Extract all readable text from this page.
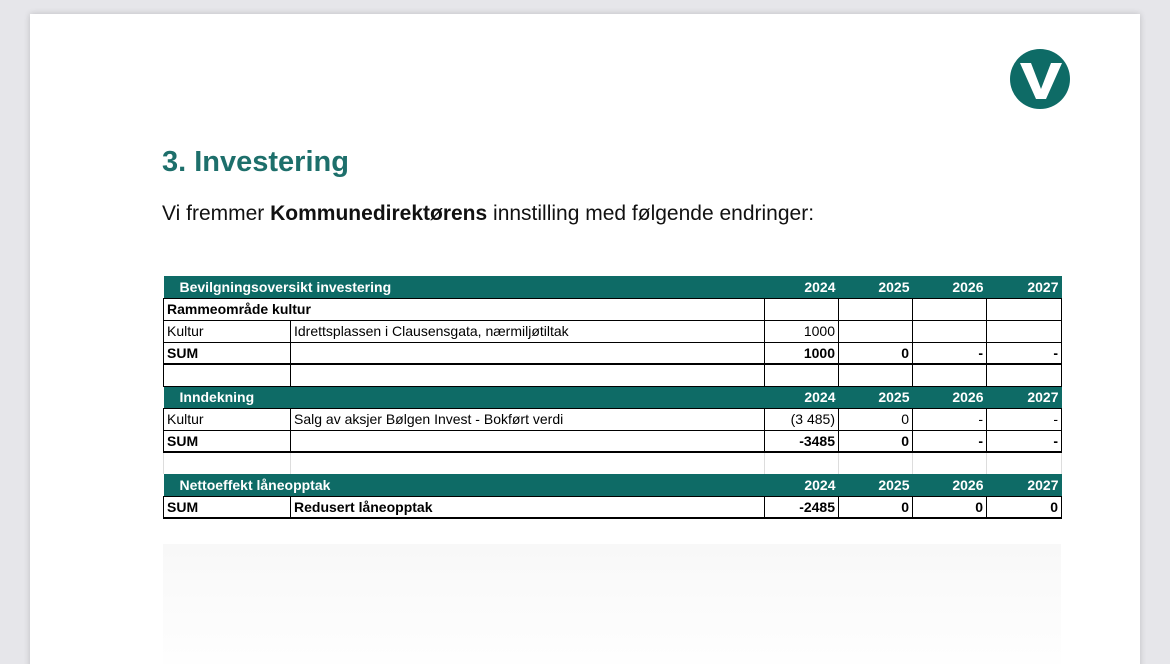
3. Investering
Vi fremmer Kommunedirektørens innstilling med følgende endringer:
Bevilgningsoversikt investering		2024	2025	2026	2027
Rammeområde kultur					
Kultur	Idrettsplassen i Clausensgata, nærmiljøtiltak	1000			
SUM		1000	0	-	-

Inndekning		2024	2025	2026	2027
Kultur	Salg av aksjer Bølgen Invest - Bokført verdi	(3 485)	0	-	-
SUM		-3485	0	-	-

Nettoeffekt låneopptak		2024	2025	2026	2027
SUM	Redusert låneopptak	-2485	0	0	0
